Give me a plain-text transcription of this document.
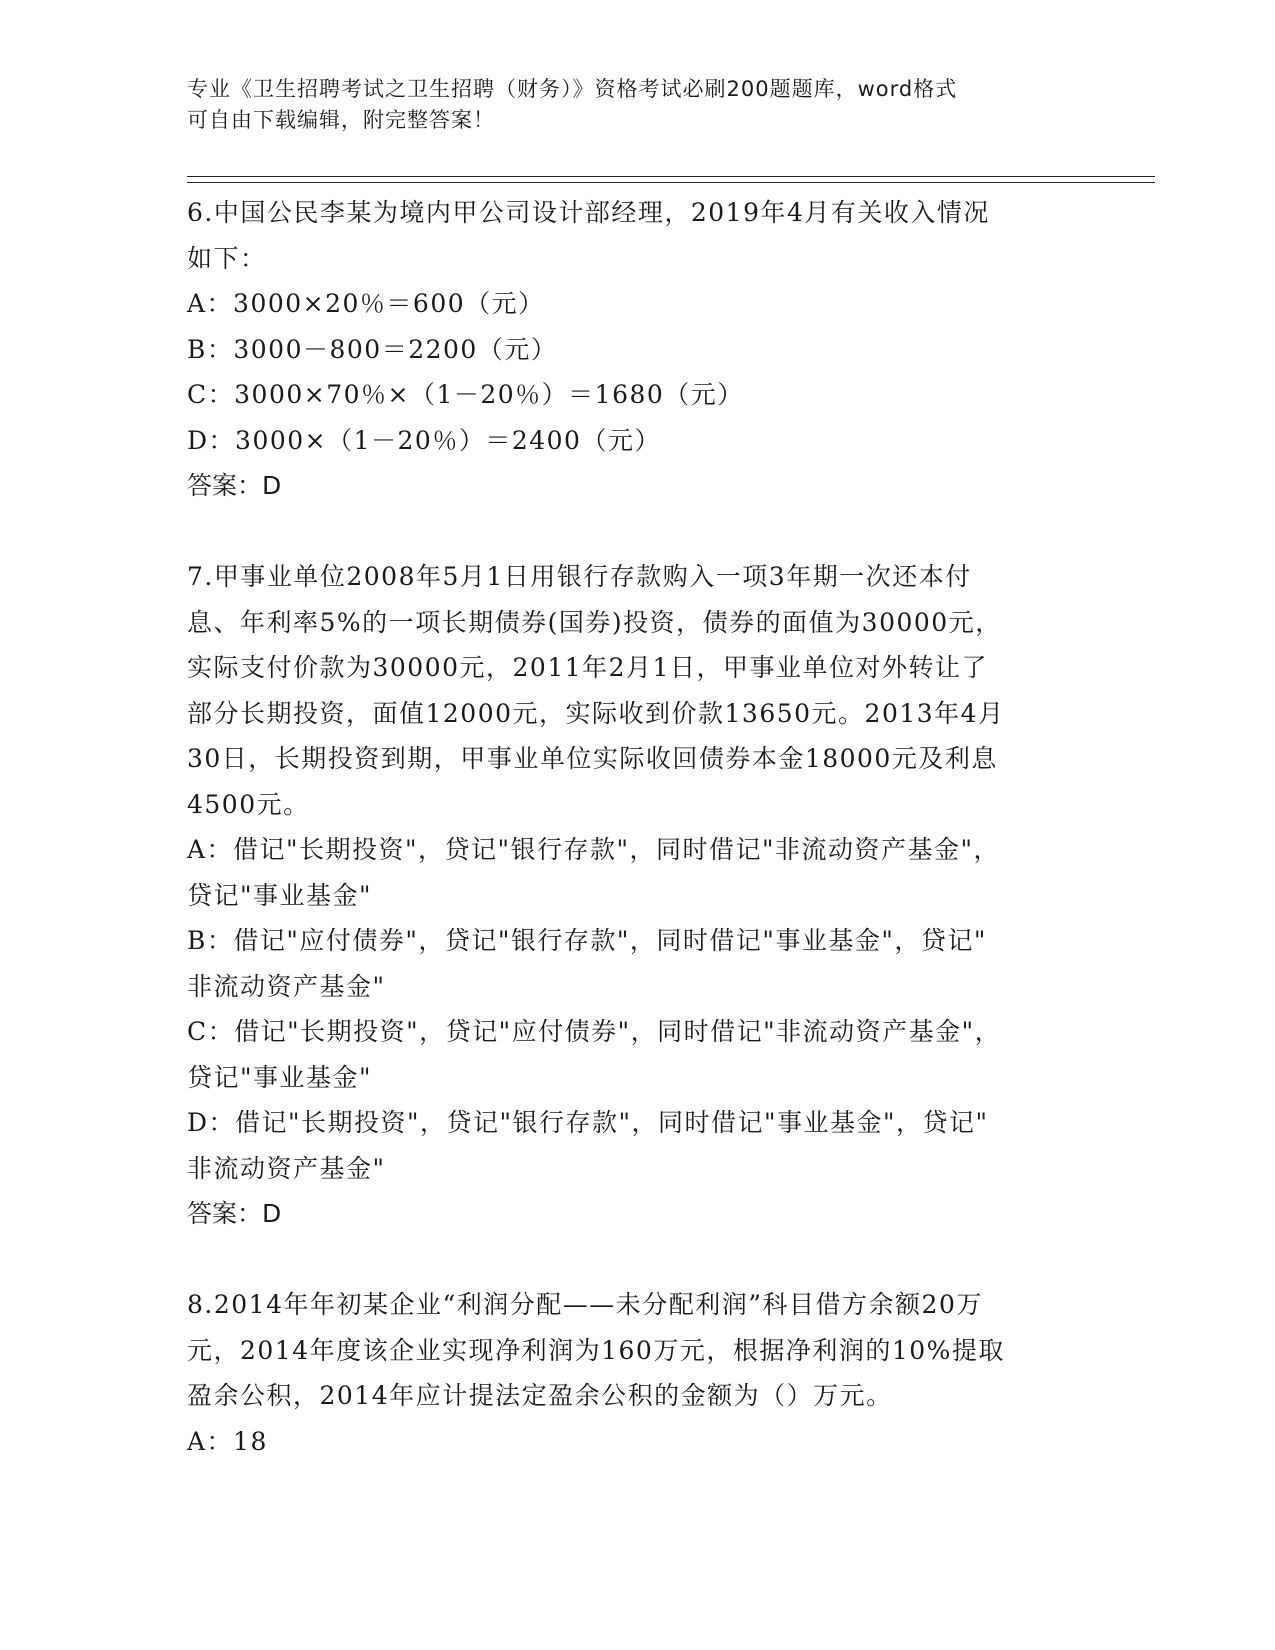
专业《卫生招聘考试之卫生招聘（财务）》资格考试必刷200题题库，word格式
可自由下载编辑，附完整答案！
6.中国公民李某为境内甲公司设计部经理，2019年4月有关收入情况
如下：
A：3000×20％＝600（元）
B：3000－800＝2200（元）
C：3000×70％×（1－20％）＝1680（元）
D：3000×（1－20％）＝2400（元）
答案：D
7.甲事业单位2008年5月1日用银行存款购入一项3年期一次还本付
息、年利率5%的一项长期债券(国券)投资，债券的面值为30000元，
实际支付价款为30000元，2011年2月1日，甲事业单位对外转让了
部分长期投资，面值12000元，实际收到价款13650元。2013年4月
30日，长期投资到期，甲事业单位实际收回债券本金18000元及利息
4500元。
A：借记"长期投资"，贷记"银行存款"，同时借记"非流动资产基金"，
贷记"事业基金"
B：借记"应付债券"，贷记"银行存款"，同时借记"事业基金"，贷记"
非流动资产基金"
C：借记"长期投资"，贷记"应付债券"，同时借记"非流动资产基金"，
贷记"事业基金"
D：借记"长期投资"，贷记"银行存款"，同时借记"事业基金"，贷记"
非流动资产基金"
答案：D
8.2014年年初某企业“利润分配——未分配利润”科目借方余额20万
元，2014年度该企业实现净利润为160万元，根据净利润的10%提取
盈余公积，2014年应计提法定盈余公积的金额为（）万元。
A：18
